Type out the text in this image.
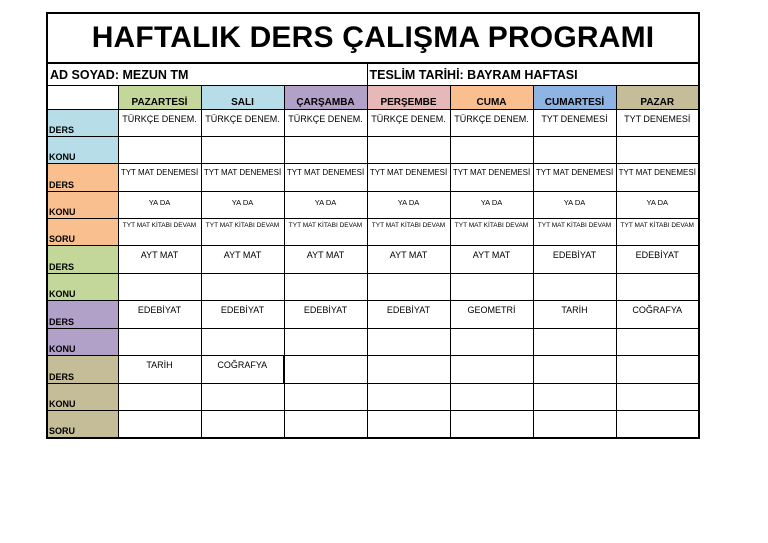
HAFTALIK DERS ÇALIŞMA PROGRAMI							
AD SOYAD: MEZUN TM				TESLİM TARİHİ: BAYRAM HAFTASI			
	PAZARTESİ	SALI	ÇARŞAMBA	PERŞEMBE	CUMA	CUMARTESİ	PAZAR
DERS	TÜRKÇE DENEM.	TÜRKÇE DENEM.	TÜRKÇE DENEM.	TÜRKÇE DENEM.	TÜRKÇE DENEM.	TYT DENEMESİ	TYT DENEMESİ
KONU							
DERS	TYT MAT DENEMESİ	TYT MAT DENEMESİ	TYT MAT DENEMESİ	TYT MAT DENEMESİ	TYT MAT DENEMESİ	TYT MAT DENEMESİ	TYT MAT DENEMESİ
KONU	YA DA	YA DA	YA DA	YA DA	YA DA	YA DA	YA DA
SORU	TYT MAT KİTABI DEVAM	TYT MAT KİTABI DEVAM	TYT MAT KİTABI DEVAM	TYT MAT KİTABI DEVAM	TYT MAT KİTABI DEVAM	TYT MAT KİTABI DEVAM	TYT MAT KİTABI DEVAM
DERS	AYT MAT	AYT MAT	AYT MAT	AYT MAT	AYT MAT	EDEBİYAT	EDEBİYAT
KONU							
DERS	EDEBİYAT	EDEBİYAT	EDEBİYAT	EDEBİYAT	GEOMETRİ	TARİH	COĞRAFYA
KONU							
DERS	TARİH	COĞRAFYA					
KONU							
SORU							
